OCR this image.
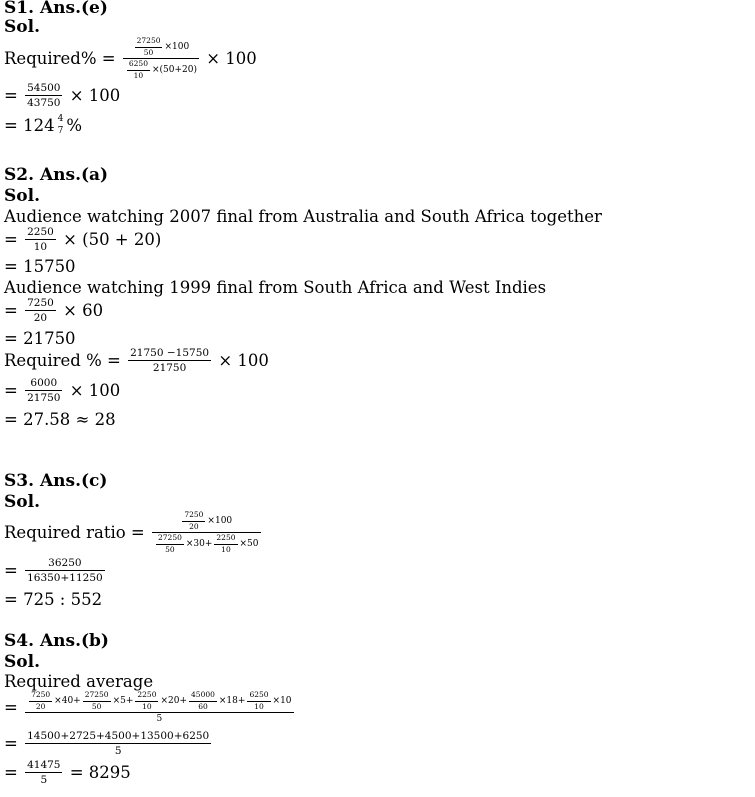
S1. Ans.(e)
Sol.
Required% = $\frac{\frac{27250}{50} \times 100}{\frac{6250}{10} \times(50+20)} \times 100$
= $\frac{54500}{43750} \times 100$
= 124 4
7 %
S2. Ans.(a)
Sol.
Audience watching 2007 final from Australia and South Africa together
= $\frac{2250}{10} \times (50 + 20)$
= 15750
Audience watching 1999 final from South Africa and West Indies
= $\frac{7250}{20} \times 60$
= 21750
Required % = $\frac{21750 -15750}{21750} \times 100$
= $\frac{6000}{21750} \times 100$
= 27.58 ≈ 28
S3. Ans.(c)
Sol.
Required ratio = $\frac{\frac{7250}{20} \times 100}{\frac{27250}{50} \times 30+ \frac{2250}{10} \times 50}$
= $\frac{36250}{16350+11250}$
= 725 : 552
S4. Ans.(b)
Sol.
Required average
= $\frac{\frac{7250}{20} \times 40+ \frac{27250}{50} \times 5+ \frac{2250}{10} \times 20+ \frac{45000}{60} \times 18+ \frac{6250}{10} \times 10}{5}$
= $\frac{14500+2725+4500+13500+6250}{5}$
= $\frac{41475}{5} = 8295$
